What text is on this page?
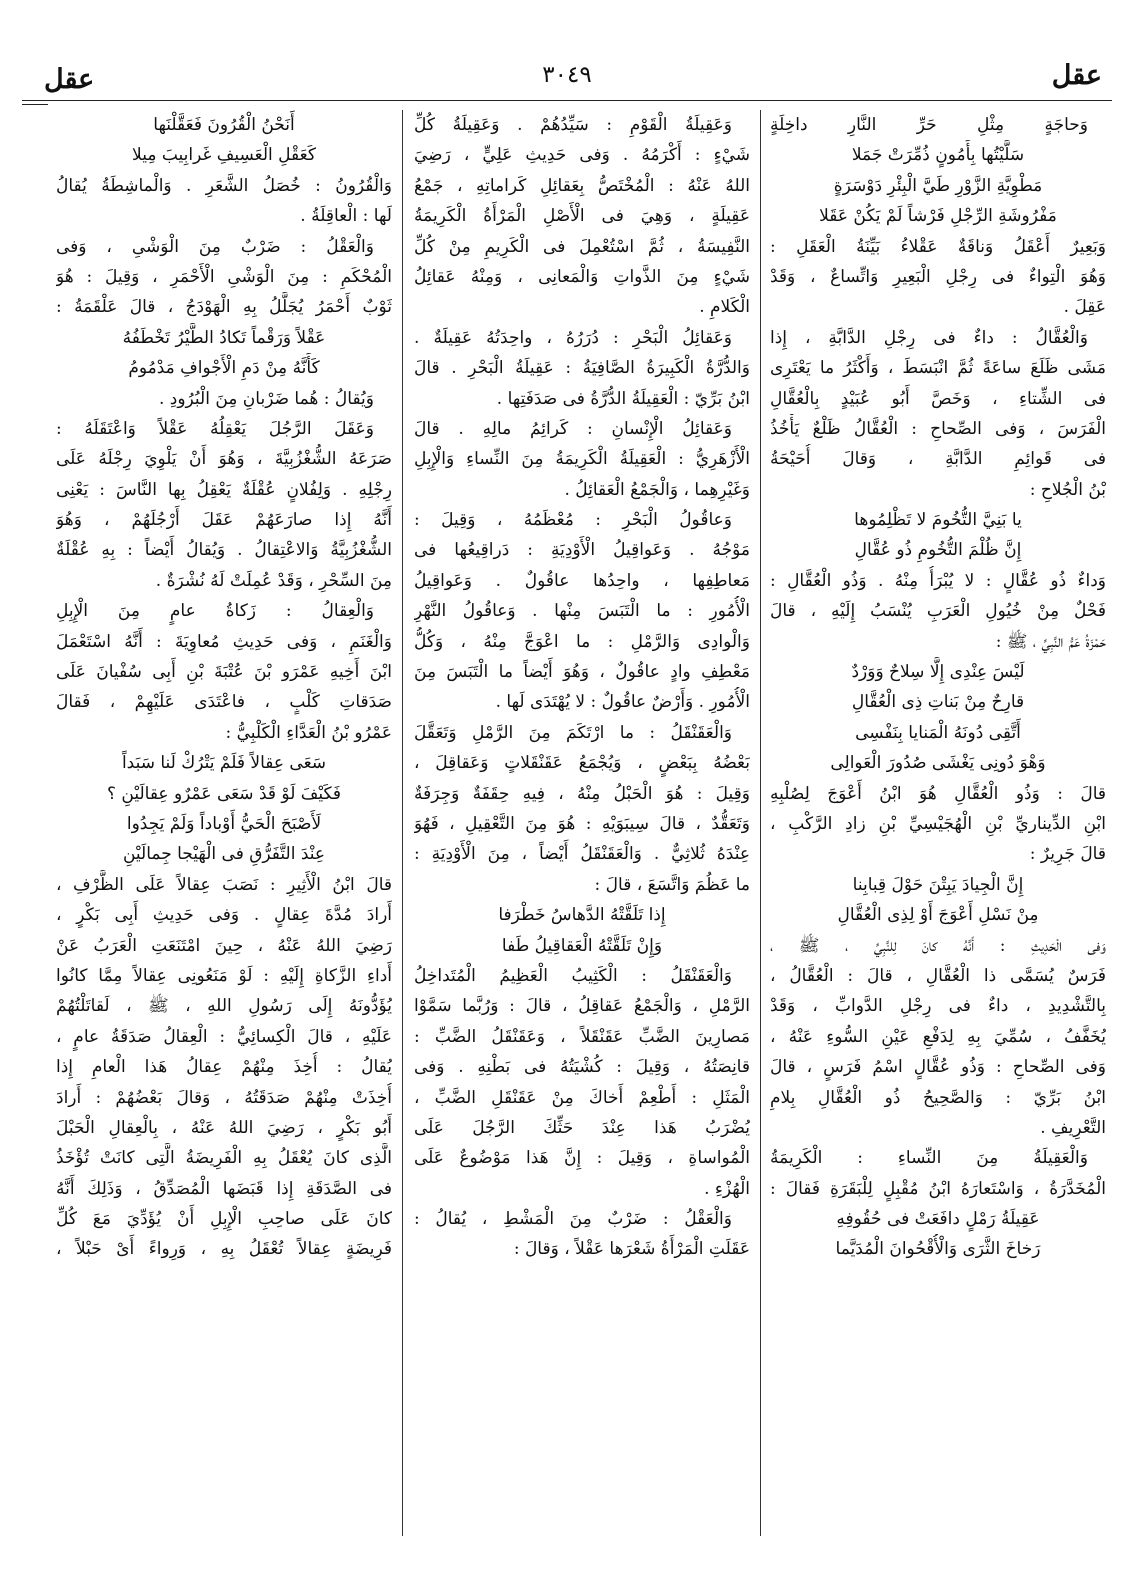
عقل
٣٠٤٩
عقل
وَحاجَةٍ مِثْلِ حَرِّ النَّارِ داخِلَةٍ
سَلَّيْتُها بِأَمُونٍ ذُمِّرَتْ جَمَلا
مَطْوِيَّةِ الزَّوْرِ طَيَّ الْبِئْرِ دَوْسَرَةٍ
مَفْرُوشَةِ الرِّجْلِ فَرْشاً لَمْ يَكُنْ عَقَلا
وَبَعِيرٌ أَعْقَلُ وَناقَةٌ عَقْلاءُ بَيِّنَةُ الْعَقَلِ :
وَهُوَ الْتِواءٌ فى رِجْلِ الْبَعِيرِ وَاتِّساعٌ ، وَقَدْ
عَقِلَ .
وَالْعُقَّالُ : داءٌ فى رِجْلِ الدَّابَّةِ ، إِذا
مَشَى ظَلَعَ ساعَةً ثُمَّ انْبَسَطَ ، وَأَكْثَرُ ما يَعْتَرِى
فى الشِّتاءِ ، وَخَصَّ أَبُو عُبَيْدٍ بِالْعُقَّالِ
الْفَرَسَ ، وَفى الصِّحاحِ : الْعُقَّالُ ظَلْعٌ يَأْخُذُ
فى قَوائِمِ الدَّابَّةِ ، وَقالَ أُحَيْحَةُ
بْنُ الْجُلاحِ :
يا بَنِيَّ التُّخُومَ لا تَظْلِمُوها
إِنَّ ظُلْمَ التُّخُومِ ذُو عُقَّالِ
وَداءٌ ذُو عُقَّالٍ : لا يُبْرَأُ مِنْهُ . وَذُو الْعُقَّالِ :
فَحْلٌ مِنْ خُيُولِ الْعَرَبِ يُنْسَبُ إِلَيْهِ ، قالَ
حَمْزَةُ عَمُّ النَّبِيِّ ، ﷺ :
لَيْسَ عِنْدِى إِلَّا سِلاحٌ وَوَرْدٌ
قارِحٌ مِنْ بَناتِ ذِى الْعُقَّالِ
أَتَّقِى دُونَهُ الْمَنايا بِنَفْسِى
وَهْوَ دُونِى يَغْشَى صُدُورَ الْعَوالِى
قالَ : وَذُو الْعُقَّالِ هُوَ ابْنُ أَعْوَجَ لِصُلْبِهِ
ابْنِ الدِّيناريِّ بْنِ الْهُجَيْسِيِّ بْنِ زادِ الرَّكْبِ ،
قالَ جَرِيرٌ :
إِنَّ الْجِيادَ يَبِتْنَ حَوْلَ قِبابِنا
مِنْ نَسْلِ أَعْوَجَ أَوْ لِذِى الْعُقَّالِ
وَفى الْحَدِيثِ : أَنَّهُ كانَ لِلنَّبِيِّ ، ﷺ ،
فَرَسٌ يُسَمَّى ذا الْعُقَّالِ ، قالَ : الْعُقَّالُ ،
بِالتَّشْدِيدِ ، داءٌ فى رِجْلِ الدَّوابِّ ، وَقَدْ
يُخَفَّفُ ، سُمِّيَ بِهِ لِدَفْعِ عَيْنِ السُّوءِ عَنْهُ ،
وَفى الصِّحاحِ : وَذُو عُقَّالٍ اسْمُ فَرَسٍ ، قالَ
ابْنُ بَرِّيّ : وَالصَّحِيحُ ذُو الْعُقَّالِ بِلامِ
التَّعْرِيفِ .
وَالْعَقِيلَةُ مِنَ النِّساءِ : الْكَرِيمَةُ
الْمُخَدَّرَةُ ، وَاسْتَعارَهُ ابْنُ مُقْبِلٍ لِلْبَقَرَةِ فَقالَ :
عَقِيلَةُ رَمْلٍ دافَعَتْ فى حُقُوفِهِ
رَخاخَ الثَّرَى وَالْأُقْحُوانَ الْمُدَيَّما
وَعَقِيلَةُ الْقَوْمِ : سَيِّدُهُمْ . وَعَقِيلَةُ كُلِّ
شَيْءٍ : أَكْرَمُهُ . وَفى حَدِيثِ عَلِيٍّ ، رَضِيَ
اللهُ عَنْهُ : الْمُخْتَصُّ بِعَقائِلِ كَراماتِهِ ، جَمْعُ
عَقِيلَةٍ ، وَهِيَ فى الْأَصْلِ الْمَرْأَةُ الْكَرِيمَةُ
النَّفِيسَةُ ، ثُمَّ اسْتُعْمِلَ فى الْكَرِيمِ مِنْ كُلِّ
شَيْءٍ مِنَ الذَّواتِ وَالْمَعانِى ، وَمِنْهُ عَقائِلُ
الْكَلامِ .
وَعَقائِلُ الْبَحْرِ : دُرَرُهُ ، واحِدَتُهُ عَقِيلَةٌ .
وَالدُّرَّةُ الْكَبِيرَةُ الصَّافِيَةُ : عَقِيلَةُ الْبَحْرِ . قالَ
ابْنُ بَرِّيّ : الْعَقِيلَةُ الدُّرَّةُ فى صَدَفَتِها .
وَعَقائِلُ الْإِنْسانِ : كَرائِمُ مالِهِ . قالَ
الْأَزْهَرِيُّ : الْعَقِيلَةُ الْكَرِيمَةُ مِنَ النِّساءِ وَالْإِبِلِ
وَغَيْرِهِما ، وَالْجَمْعُ الْعَقائِلُ .
وَعاقُولُ الْبَحْرِ : مُعْظَمُهُ ، وَقِيلَ :
مَوْجُهُ . وَعَواقِيلُ الْأَوْدِيَةِ : دَراقِيعُها فى
مَعاطِفِها ، واحِدُها عاقُولٌ . وَعَواقِيلُ
الْأُمُورِ : ما الْتَبَسَ مِنْها . وَعاقُولُ النَّهْرِ
وَالْوادِى وَالرَّمْلِ : ما اعْوَجَّ مِنْهُ ، وَكُلُّ
مَعْطِفِ وادٍ عاقُولٌ ، وَهُوَ أَيْضاً ما الْتَبَسَ مِنَ
الْأُمُورِ . وَأَرْضٌ عاقُولٌ : لا يُهْتَدَى لَها .
وَالْعَقَنْقَلُ : ما ارْتَكَمَ مِنَ الرَّمْلِ وَتَعَقَّلَ
بَعْضُهُ بِبَعْضٍ ، وَيُجْمَعُ عَقَنْقَلاتٍ وَعَقاقِلَ ،
وَقِيلَ : هُوَ الْحَبْلُ مِنْهُ ، فِيهِ حِقَفَةٌ وَجِرَفَةٌ
وَتَعَقُّدٌ ، قالَ سِيبَوَيْهِ : هُوَ مِنَ التَّعْقِيلِ ، فَهُوَ
عِنْدَهُ ثُلاثِيٌّ . وَالْعَقَنْقَلُ أَيْضاً ، مِنَ الْأَوْدِيَةِ :
ما عَظُمَ وَاتَّسَعَ ، قالَ :
إِذا تَلَقَّتْهُ الدَّهاسُ خَطْرَفا
وَإِنْ تَلَقَّتْهُ الْعَقاقِيلُ طَفا
وَالْعَقَنْقَلُ : الْكَثِيبُ الْعَظِيمُ الْمُتَداخِلُ
الرَّمْلِ ، وَالْجَمْعُ عَقاقِلُ ، قالَ : وَرُبَّما سَمَّوْا
مَصارِينَ الضَّبِّ عَقَنْقَلاً ، وَعَقَنْقَلُ الضَّبِّ :
قانِصَتُهُ ، وَقِيلَ : كُشْيَتُهُ فى بَطْنِهِ . وَفى
الْمَثَلِ : أَطْعِمْ أَخاكَ مِنْ عَقَنْقَلِ الضَّبِّ ،
يُضْرَبُ هَذا عِنْدَ حَثِّكَ الرَّجُلَ عَلَى
الْمُواساةِ ، وَقِيلَ : إِنَّ هَذا مَوْضُوعٌ عَلَى
الْهُزْءِ .
وَالْعَقْلُ : ضَرْبٌ مِنَ الْمَشْطِ ، يُقالُ :
عَقَلَتِ الْمَرْأَةُ شَعْرَها عَقْلاً ، وَقالَ :
أَنَحْنُ الْقُرُونَ فَعَقَّلْنَها
كَعَقْلِ الْعَسِيفِ غَرابِيبَ مِيلا
وَالْقُرُونُ : خُصَلُ الشَّعَرِ . وَالْماشِطَةُ يُقالُ
لَها : الْعاقِلَةُ .
وَالْعَقْلُ : ضَرْبٌ مِنَ الْوَشْىِ ، وَفى
الْمُحْكَمِ : مِنَ الْوَشْىِ الْأَحْمَرِ ، وَقِيلَ : هُوَ
ثَوْبٌ أَحْمَرُ يُجَلَّلُ بِهِ الْهَوْدَجُ ، قالَ عَلْقَمَةُ :
عَقْلاً وَرَقْماً تَكادُ الطَّيْرُ تَخْطَفُهُ
كَأَنَّهُ مِنْ دَمِ الْأَجْوافِ مَدْمُومُ
وَيُقالُ : هُما ضَرْبانِ مِنَ الْبُرُودِ .
وَعَقَلَ الرَّجُلَ يَعْقِلُهُ عَقْلاً وَاعْتَقَلَهُ :
صَرَعَهُ الشُّغْزُبِيَّةَ ، وَهُوَ أَنْ يَلْوِيَ رِجْلَهُ عَلَى
رِجْلِهِ . وَلِفُلانٍ عُقْلَةٌ يَعْقِلُ بِها النَّاسَ : يَعْنِى
أَنَّهُ إِذا صارَعَهُمْ عَقَلَ أَرْجُلَهُمْ ، وَهُوَ
الشُّغْزُبِيَّةُ وَالاعْتِقالُ . وَيُقالُ أَيْضاً : بِهِ عُقْلَةٌ
مِنَ السِّحْرِ ، وَقَدْ عُمِلَتْ لَهُ نُشْرَةٌ .
وَالْعِقالُ : زَكاةُ عامٍ مِنَ الْإِبِلِ
وَالْغَنَمِ ، وَفى حَدِيثِ مُعاوِيَةَ : أَنَّهُ اسْتَعْمَلَ
ابْنَ أَخِيهِ عَمْرَو بْنَ عُتْبَةَ بْنِ أَبِى سُفْيانَ عَلَى
صَدَقاتِ كَلْبٍ ، فاعْتَدَى عَلَيْهِمْ ، فَقالَ
عَمْرُو بْنُ الْعَدَّاءِ الْكَلْبِيُّ :
سَعَى عِقالاً فَلَمْ يَتْرُكْ لَنا سَبَداً
فَكَيْفَ لَوْ قَدْ سَعَى عَمْرٌو عِقالَيْنِ ؟
لَأَصْبَحَ الْحَيُّ أَوْباداً وَلَمْ يَجِدُوا
عِنْدَ التَّفَرُّقِ فى الْهَيْجا جِمالَيْنِ
قالَ ابْنُ الْأَثِيرِ : نَصَبَ عِقالاً عَلَى الظَّرْفِ ،
أَرادَ مُدَّةَ عِقالٍ . وَفى حَدِيثِ أَبِى بَكْرٍ ،
رَضِيَ اللهُ عَنْهُ ، حِينَ امْتَنَعَتِ الْعَرَبُ عَنْ
أَداءِ الزَّكاةِ إِلَيْهِ : لَوْ مَنَعُونِى عِقالاً مِمَّا كانُوا
يُؤَدُّونَهُ إِلَى رَسُولِ اللهِ ، ﷺ ، لَقاتَلْتُهُمْ
عَلَيْهِ ، قالَ الْكِسائِيُّ : الْعِقالُ صَدَقَةُ عامٍ ،
يُقالُ : أُخِذَ مِنْهُمْ عِقالُ هَذا الْعامِ إِذا
أُخِذَتْ مِنْهُمْ صَدَقَتُهُ ، وَقالَ بَعْضُهُمْ : أَرادَ
أَبُو بَكْرٍ ، رَضِيَ اللهُ عَنْهُ ، بِالْعِقالِ الْحَبْلَ
الَّذِى كانَ يُعْقَلُ بِهِ الْفَرِيضَةُ الَّتِى كانَتْ تُؤْخَذُ
فى الصَّدَقَةِ إِذا قَبَضَها الْمُصَدِّقُ ، وَذَلِكَ أَنَّهُ
كانَ عَلَى صاحِبِ الْإِبِلِ أَنْ يُؤَدِّيَ مَعَ كُلِّ
فَرِيضَةٍ عِقالاً تُعْقَلُ بِهِ ، وَرِواءً أَىْ حَبْلاً ،
